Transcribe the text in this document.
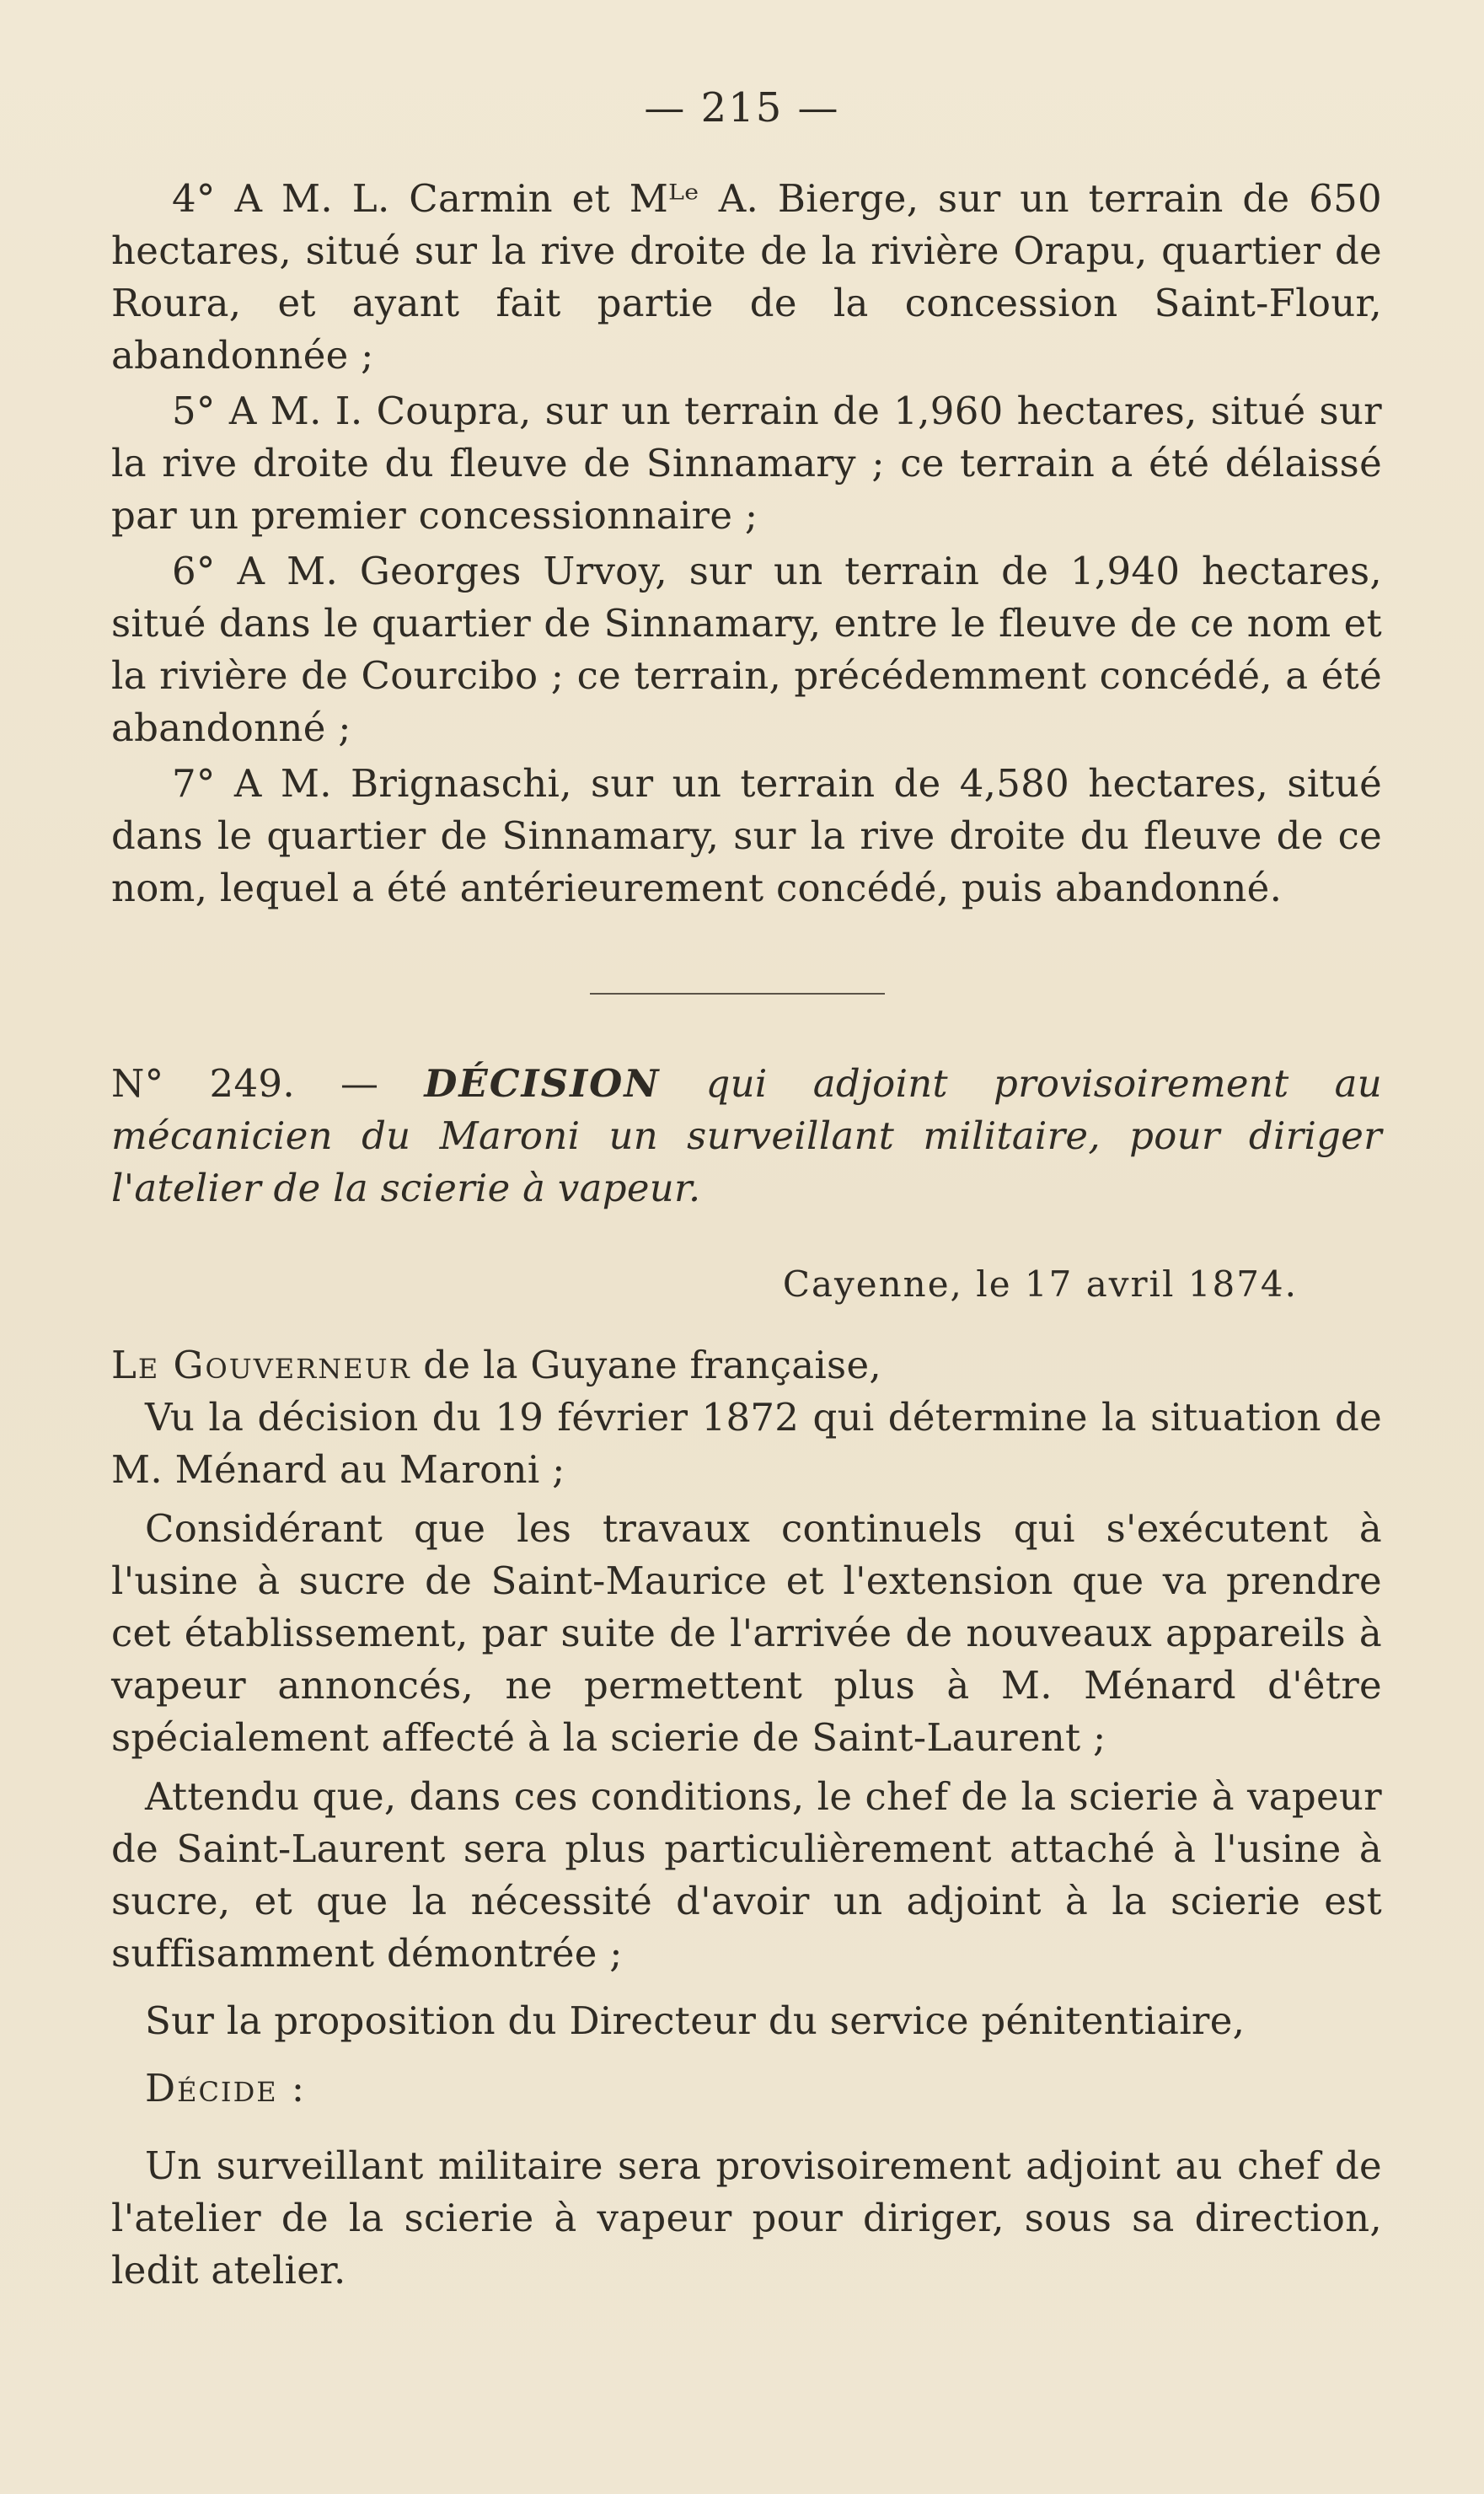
— 215 —

4° A M. L. Carmin et Mᴸᵉ A. Bierge, sur un terrain de 650 hectares, situé sur la rive droite de la rivière Orapu, quartier de Roura, et ayant fait partie de la concession Saint-Flour, abandonnée ;

5° A M. I. Coupra, sur un terrain de 1,960 hectares, situé sur la rive droite du fleuve de Sinnamary ; ce terrain a été délaissé par un premier concessionnaire ;

6° A M. Georges Urvoy, sur un terrain de 1,940 hectares, situé dans le quartier de Sinnamary, entre le fleuve de ce nom et la rivière de Courcibo ; ce terrain, précédemment concédé, a été abandonné ;

7° A M. Brignaschi, sur un terrain de 4,580 hectares, situé dans le quartier de Sinnamary, sur la rive droite du fleuve de ce nom, lequel a été antérieurement concédé, puis abandonné.

N° 249. — DÉCISION qui adjoint provisoirement au mécanicien du Maroni un surveillant militaire, pour diriger l'atelier de la scierie à vapeur.

Cayenne, le 17 avril 1874.

Le Gouverneur de la Guyane française,

Vu la décision du 19 février 1872 qui détermine la situation de M. Ménard au Maroni ;

Considérant que les travaux continuels qui s'exécutent à l'usine à sucre de Saint-Maurice et l'extension que va prendre cet établissement, par suite de l'arrivée de nouveaux appareils à vapeur annoncés, ne permettent plus à M. Ménard d'être spécialement affecté à la scierie de Saint-Laurent ;

Attendu que, dans ces conditions, le chef de la scierie à vapeur de Saint-Laurent sera plus particulièrement attaché à l'usine à sucre, et que la nécessité d'avoir un adjoint à la scierie est suffisamment démontrée ;

Sur la proposition du Directeur du service pénitentiaire,

Décide :

Un surveillant militaire sera provisoirement adjoint au chef de l'atelier de la scierie à vapeur pour diriger, sous sa direction, ledit atelier.
